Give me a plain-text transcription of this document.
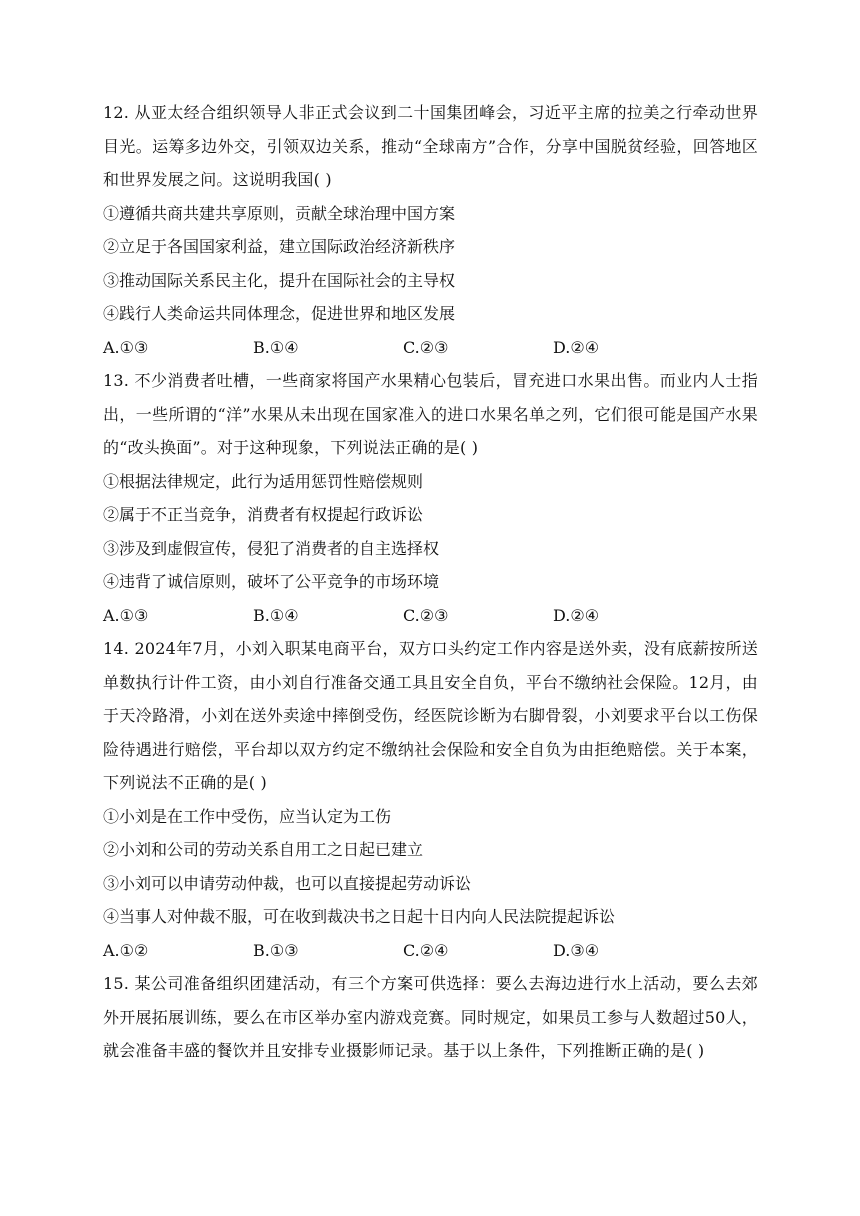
12. 从亚太经合组织领导人非正式会议到二十国集团峰会，习近平主席的拉美之行牵动世界目光。运筹多边外交，引领双边关系，推动“全球南方”合作，分享中国脱贫经验，回答地区和世界发展之问。这说明我国( )

①遵循共商共建共享原则，贡献全球治理中国方案

②立足于各国国家利益，建立国际政治经济新秩序

③推动国际关系民主化，提升在国际社会的主导权

④践行人类命运共同体理念，促进世界和地区发展

A.①③	B.①④	C.②③	D.②④

13. 不少消费者吐槽，一些商家将国产水果精心包装后，冒充进口水果出售。而业内人士指出，一些所谓的“洋”水果从未出现在国家准入的进口水果名单之列，它们很可能是国产水果的“改头换面”。对于这种现象，下列说法正确的是( )

①根据法律规定，此行为适用惩罚性赔偿规则

②属于不正当竞争，消费者有权提起行政诉讼

③涉及到虚假宣传，侵犯了消费者的自主选择权

④违背了诚信原则，破坏了公平竞争的市场环境

A.①③	B.①④	C.②③	D.②④

14. 2024年7月，小刘入职某电商平台，双方口头约定工作内容是送外卖，没有底薪按所送单数执行计件工资，由小刘自行准备交通工具且安全自负，平台不缴纳社会保险。12月，由于天冷路滑，小刘在送外卖途中摔倒受伤，经医院诊断为右脚骨裂，小刘要求平台以工伤保险待遇进行赔偿，平台却以双方约定不缴纳社会保险和安全自负为由拒绝赔偿。关于本案，下列说法不正确的是( )

①小刘是在工作中受伤，应当认定为工伤

②小刘和公司的劳动关系自用工之日起已建立

③小刘可以申请劳动仲裁，也可以直接提起劳动诉讼

④当事人对仲裁不服，可在收到裁决书之日起十日内向人民法院提起诉讼

A.①②	B.①③	C.②④	D.③④

15. 某公司准备组织团建活动，有三个方案可供选择：要么去海边进行水上活动，要么去郊外开展拓展训练，要么在市区举办室内游戏竞赛。同时规定，如果员工参与人数超过50人，就会准备丰盛的餐饮并且安排专业摄影师记录。基于以上条件，下列推断正确的是( )
